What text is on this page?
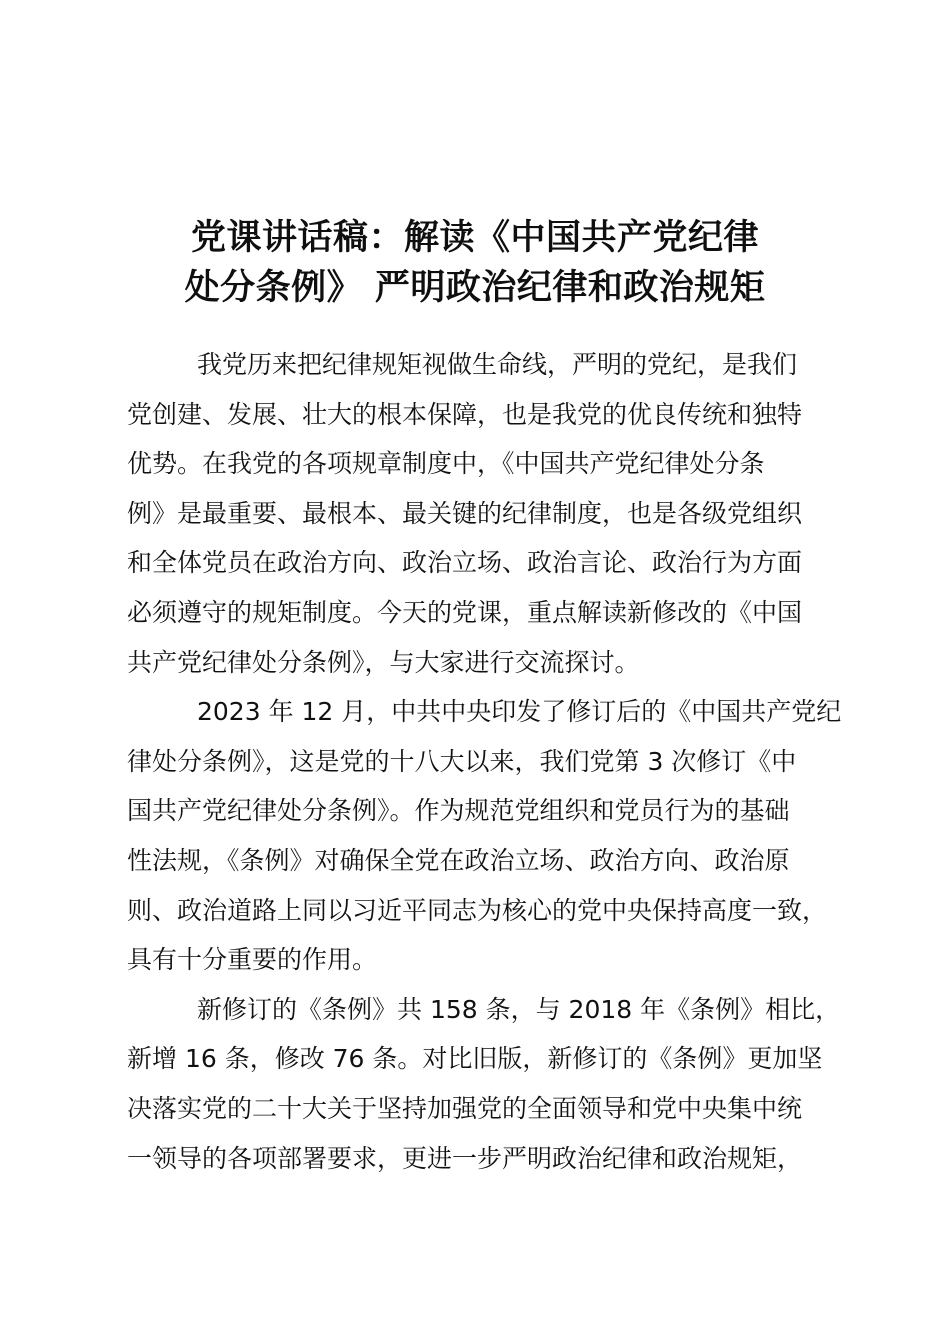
党课讲话稿：解读《中国共产党纪律
处分条例》 严明政治纪律和政治规矩

我党历来把纪律规矩视做生命线，严明的党纪，是我们
党创建、发展、壮大的根本保障，也是我党的优良传统和独特
优势。在我党的各项规章制度中，《中国共产党纪律处分条
例》是最重要、最根本、最关键的纪律制度，也是各级党组织
和全体党员在政治方向、政治立场、政治言论、政治行为方面
必须遵守的规矩制度。今天的党课，重点解读新修改的《中国
共产党纪律处分条例》，与大家进行交流探讨。

2023 年 12 月，中共中央印发了修订后的《中国共产党纪
律处分条例》，这是党的十八大以来，我们党第 3 次修订《中
国共产党纪律处分条例》。作为规范党组织和党员行为的基础
性法规，《条例》对确保全党在政治立场、政治方向、政治原
则、政治道路上同以习近平同志为核心的党中央保持高度一致，
具有十分重要的作用。

新修订的《条例》共 158 条，与 2018 年《条例》相比，
新增 16 条，修改 76 条。对比旧版，新修订的《条例》更加坚
决落实党的二十大关于坚持加强党的全面领导和党中央集中统
一领导的各项部署要求，更进一步严明政治纪律和政治规矩，
